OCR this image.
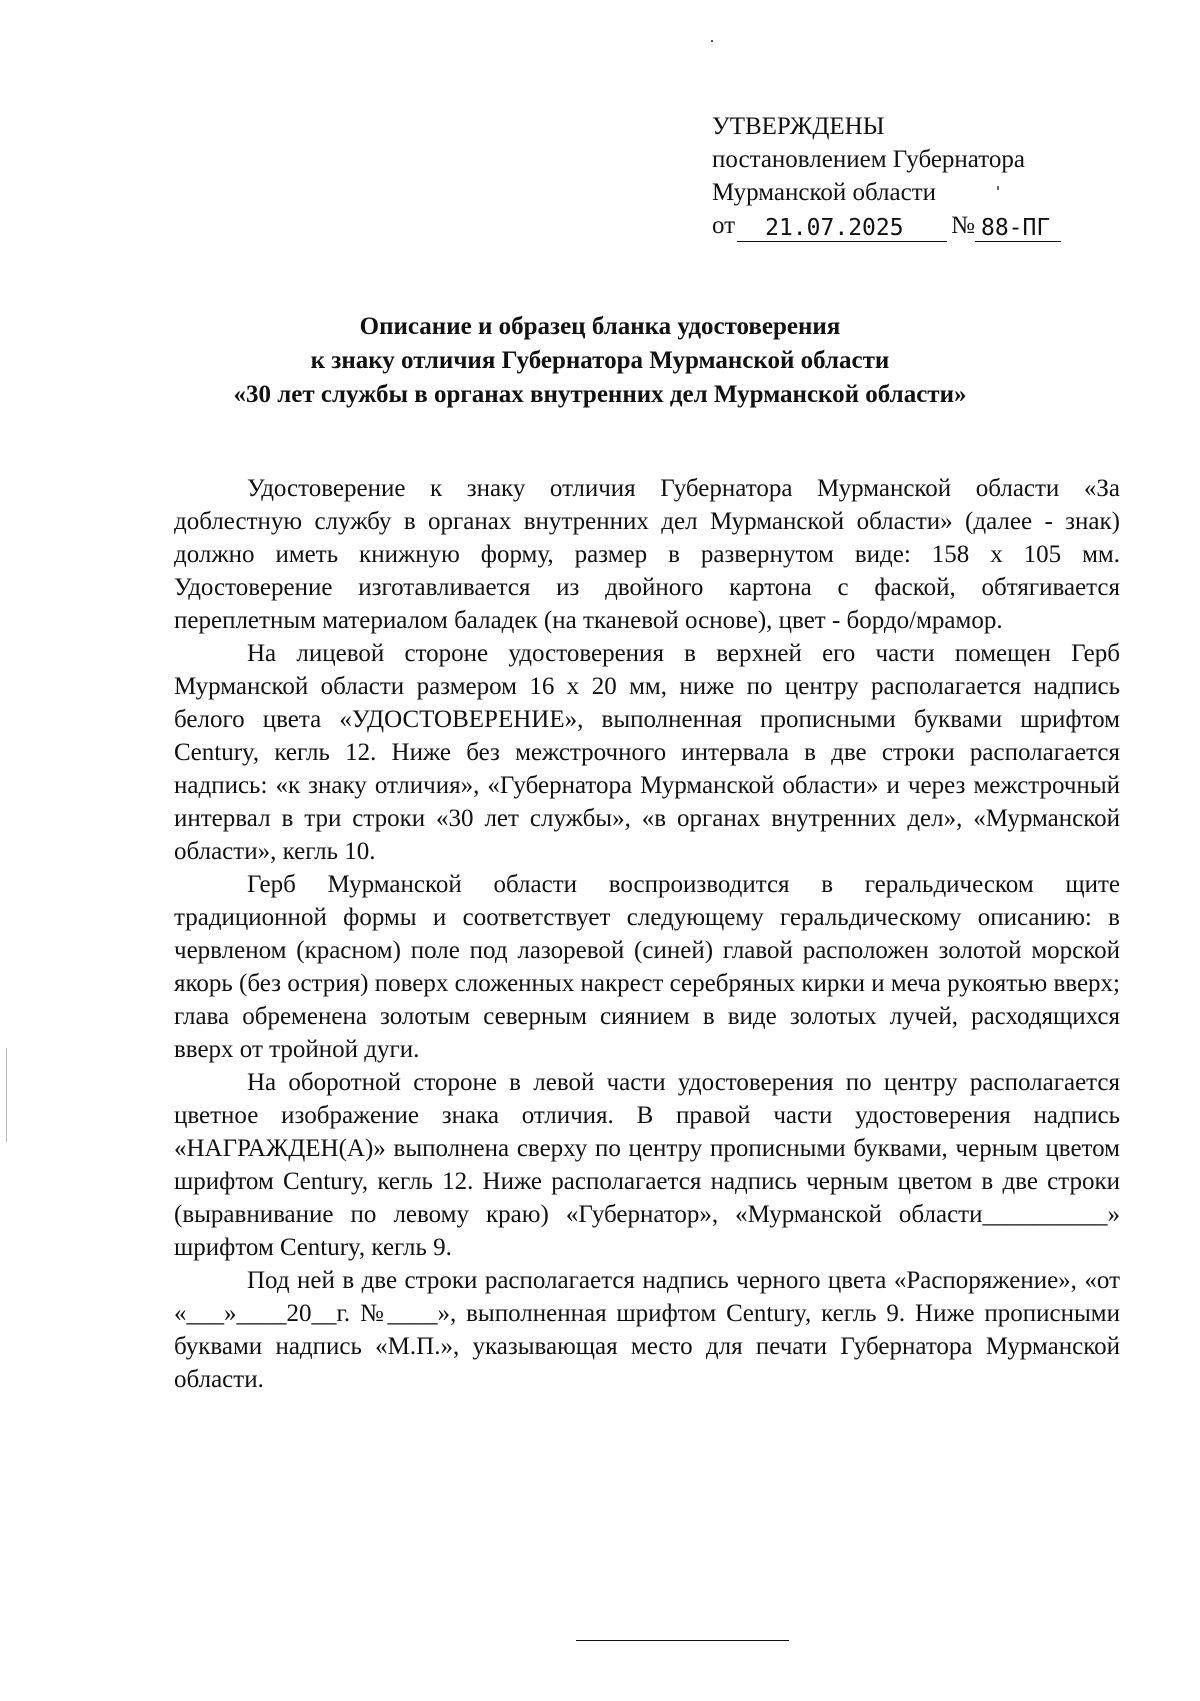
УТВЕРЖДЕНЫ
постановлением Губернатора
Мурманской области
от	21.07.2025	№ 88-ПГ
Описание и образец бланка удостоверения
к знаку отличия Губернатора Мурманской области
«30 лет службы в органах внутренних дел Мурманской области»

Удостоверение к знаку отличия Губернатора Мурманской области «За доблестную службу в органах внутренних дел Мурманской области» (далее - знак) должно иметь книжную форму, размер в развернутом виде: 158 х 105 мм. Удостоверение изготавливается из двойного картона с фаской, обтягивается переплетным материалом баладек (на тканевой основе), цвет - бордо/мрамор.

На лицевой стороне удостоверения в верхней его части помещен Герб Мурманской области размером 16 х 20 мм, ниже по центру располагается надпись белого цвета «УДОСТОВЕРЕНИЕ», выполненная прописными буквами шрифтом Century, кегль 12. Ниже без межстрочного интервала в две строки располагается надпись: «к знаку отличия», «Губернатора Мурманской области» и через межстрочный интервал в три строки «30 лет службы», «в органах внутренних дел», «Мурманской области», кегль 10.

Герб Мурманской области воспроизводится в геральдическом щите традиционной формы и соответствует следующему геральдическому описанию: в червленом (красном) поле под лазоревой (синей) главой расположен золотой морской якорь (без острия) поверх сложенных накрест серебряных кирки и меча рукоятью вверх; глава обременена золотым северным сиянием в виде золотых лучей, расходящихся вверх от тройной дуги.

На оборотной стороне в левой части удостоверения по центру располагается цветное изображение знака отличия. В правой части удостоверения надпись «НАГРАЖДЕН(А)» выполнена сверху по центру прописными буквами, черным цветом шрифтом Century, кегль 12. Ниже располагается надпись черным цветом в две строки (выравнивание по левому краю) «Губернатор», «Мурманской области__________» шрифтом Century, кегль 9.

Под ней в две строки располагается надпись черного цвета «Распоряжение», «от «___»____20__г. №____», выполненная шрифтом Century, кегль 9. Ниже прописными буквами надпись «М.П.», указывающая место для печати Губернатора Мурманской области.
